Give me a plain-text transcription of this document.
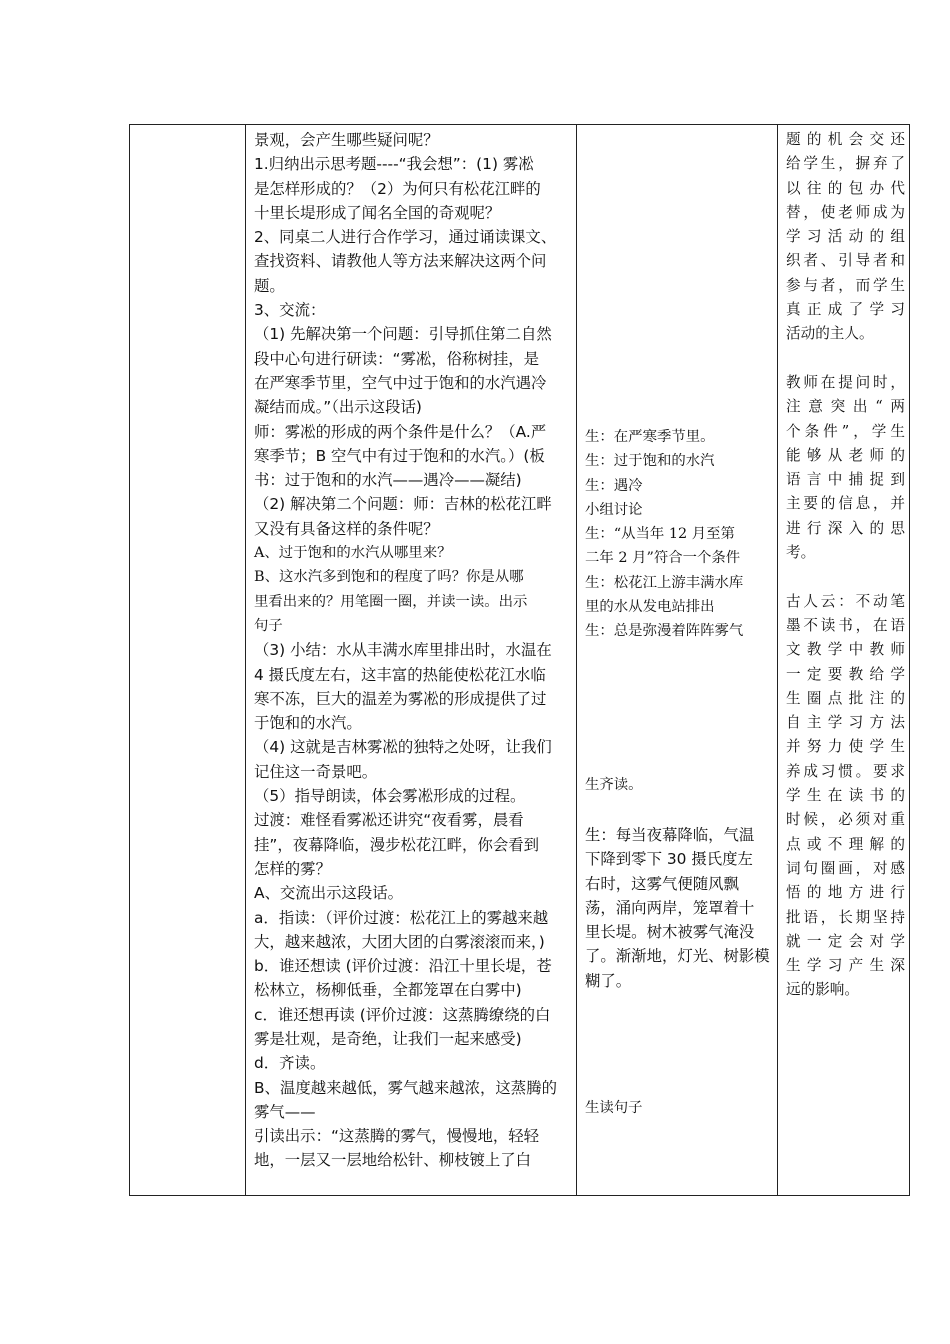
景观，会产生哪些疑问呢？
1.归纳出示思考题----“我会想”：(1) 雾凇
是怎样形成的？（2）为何只有松花江畔的
十里长堤形成了闻名全国的奇观呢？
2、同桌二人进行合作学习，通过诵读课文、
查找资料、请教他人等方法来解决这两个问
题。
3、交流：
（1) 先解决第一个问题：引导抓住第二自然
段中心句进行研读：“雾凇，俗称树挂，是
在严寒季节里，空气中过于饱和的水汽遇冷
凝结而成。”（出示这段话)
师：雾凇的形成的两个条件是什么？（A.严
寒季节；B 空气中有过于饱和的水汽。）(板
书：过于饱和的水汽——遇冷——凝结)
（2) 解决第二个问题：师：吉林的松花江畔
又没有具备这样的条件呢？
A、过于饱和的水汽从哪里来？
B、这水汽多到饱和的程度了吗？你是从哪
里看出来的？用笔圈一圈，并读一读。出示
句子
（3) 小结：水从丰满水库里排出时，水温在
4 摄氏度左右，这丰富的热能使松花江水临
寒不冻，巨大的温差为雾凇的形成提供了过
于饱和的水汽。
（4) 这就是吉林雾凇的独特之处呀，让我们
记住这一奇景吧。
（5）指导朗读，体会雾凇形成的过程。
过渡：难怪看雾凇还讲究“夜看雾，晨看
挂”，夜幕降临，漫步松花江畔，你会看到
怎样的雾？
A、交流出示这段话。
a．指读：（评价过渡：松花江上的雾越来越
大，越来越浓，大团大团的白雾滚滚而来，)
b．谁还想读 (评价过渡：沿江十里长堤，苍
松林立，杨柳低垂，全都笼罩在白雾中)
c．谁还想再读 (评价过渡：这蒸腾缭绕的白
雾是壮观，是奇绝，让我们一起来感受)
d．齐读。
B、温度越来越低，雾气越来越浓，这蒸腾的
雾气——
引读出示：“这蒸腾的雾气，慢慢地，轻轻
地，一层又一层地给松针、柳枝镀上了白

生：在严寒季节里。
生：过于饱和的水汽
生：遇冷
小组讨论
生：“从当年 12 月至第
二年 2 月”符合一个条件
生：松花江上游丰满水库
里的水从发电站排出
生：总是弥漫着阵阵雾气
生齐读。
生：每当夜幕降临，气温
下降到零下 30 摄氏度左
右时，这雾气便随风飘
荡，涌向两岸，笼罩着十
里长堤。树木被雾气淹没
了。渐渐地，灯光、树影模
糊了。
生读句子

题的机会交还
给学生，摒弃了
以往的包办代
替，使老师成为
学习活动的组
织者、引导者和
参与者，而学生
真正成了学习
活动的主人。
教师在提问时，
注意突出“两
个条件”，学生
能够从老师的
语言中捕捉到
主要的信息，并
进行深入的思
考。
古人云：不动笔
墨不读书，在语
文教学中教师
一定要教给学
生圈点批注的
自主学习方法
并努力使学生
养成习惯。要求
学生在读书的
时候，必须对重
点或不理解的
词句圈画，对感
悟的地方进行
批语，长期坚持
就一定会对学
生学习产生深
远的影响。
